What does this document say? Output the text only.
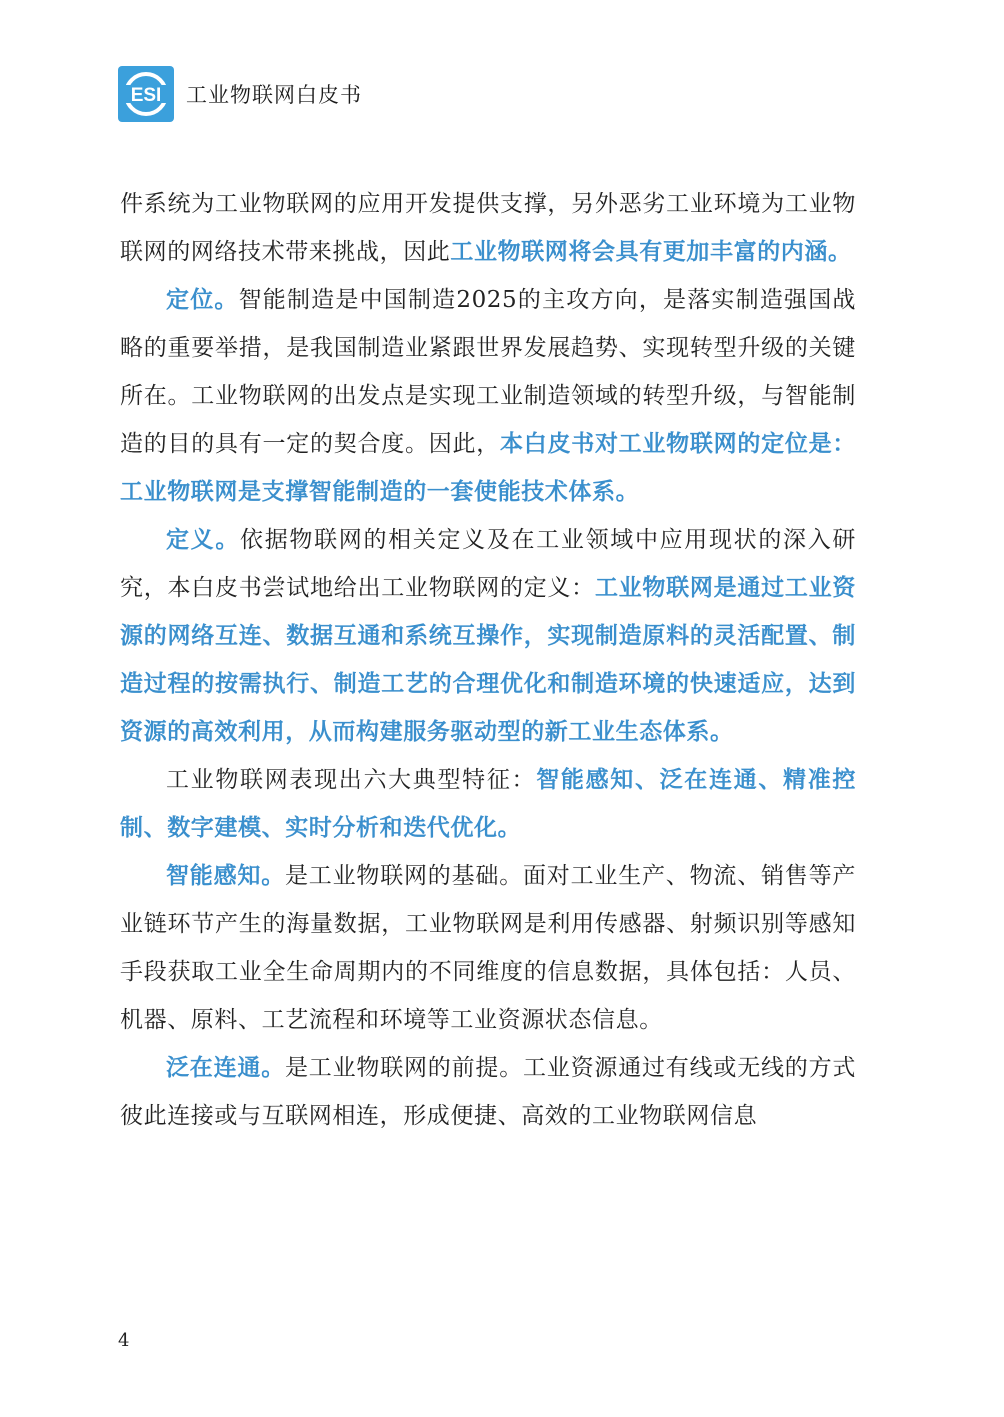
ESI 工业物联网白皮书

件系统为工业物联网的应用开发提供支撑，另外恶劣工业环境为工业物联网的网络技术带来挑战，因此工业物联网将会具有更加丰富的内涵。

定位。智能制造是中国制造2025的主攻方向，是落实制造强国战略的重要举措，是我国制造业紧跟世界发展趋势、实现转型升级的关键所在。工业物联网的出发点是实现工业制造领域的转型升级，与智能制造的目的具有一定的契合度。因此，本白皮书对工业物联网的定位是：工业物联网是支撑智能制造的一套使能技术体系。

定义。依据物联网的相关定义及在工业领域中应用现状的深入研究，本白皮书尝试地给出工业物联网的定义：工业物联网是通过工业资源的网络互连、数据互通和系统互操作，实现制造原料的灵活配置、制造过程的按需执行、制造工艺的合理优化和制造环境的快速适应，达到资源的高效利用，从而构建服务驱动型的新工业生态体系。

工业物联网表现出六大典型特征：智能感知、泛在连通、精准控制、数字建模、实时分析和迭代优化。

智能感知。是工业物联网的基础。面对工业生产、物流、销售等产业链环节产生的海量数据，工业物联网是利用传感器、射频识别等感知手段获取工业全生命周期内的不同维度的信息数据，具体包括：人员、机器、原料、工艺流程和环境等工业资源状态信息。

泛在连通。是工业物联网的前提。工业资源通过有线或无线的方式彼此连接或与互联网相连，形成便捷、高效的工业物联网信息

4
